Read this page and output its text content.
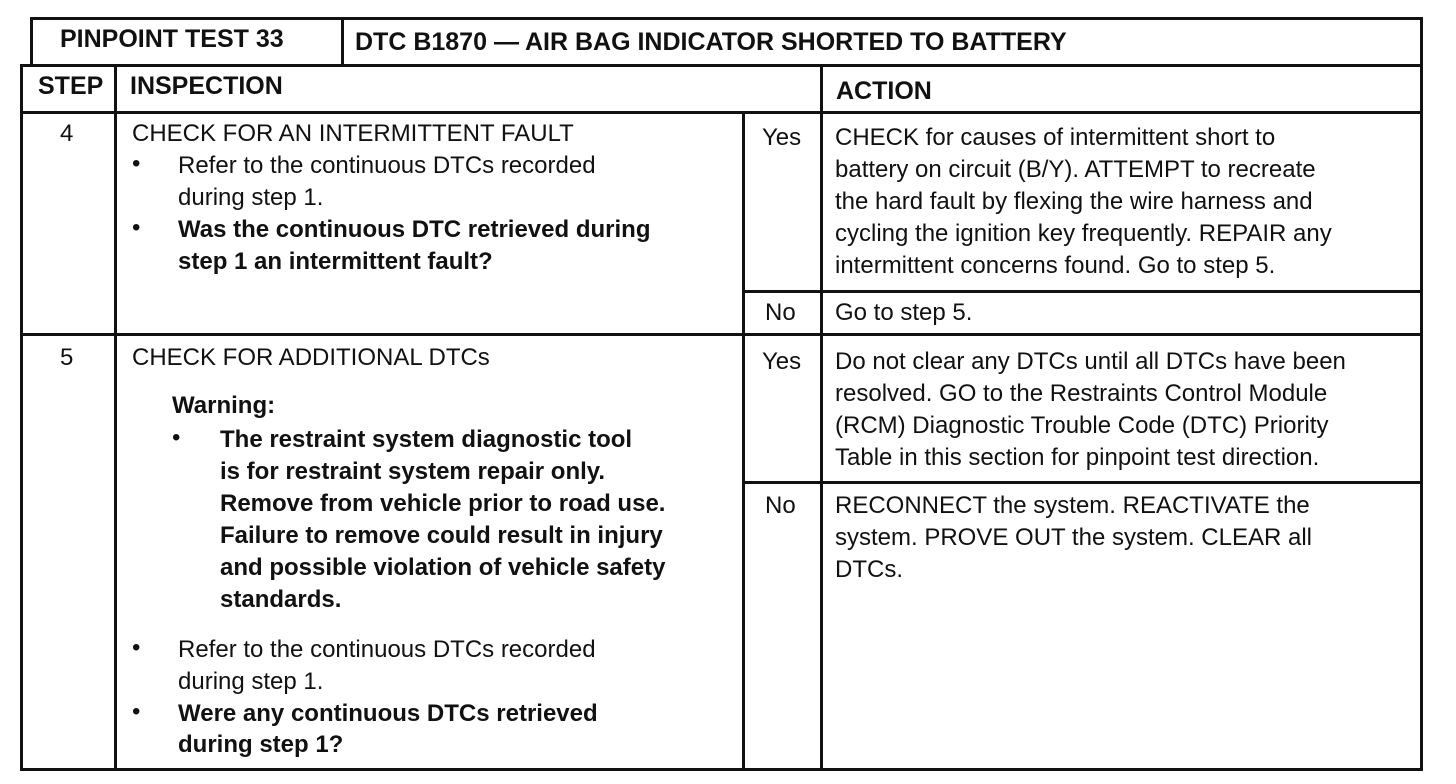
PINPOINT TEST 33	DTC B1870 — AIR BAG INDICATOR SHORTED TO BATTERY
STEP INSPECTION	ACTION
4 CHECK FOR AN INTERMITTENT FAULT
• Refer to the continuous DTCs recorded
during step 1.
• Was the continuous DTC retrieved during
step 1 an intermittent fault?
Yes CHECK for causes of intermittent short to
battery on circuit (B/Y). ATTEMPT to recreate
the hard fault by flexing the wire harness and
cycling the ignition key frequently. REPAIR any
intermittent concerns found. Go to step 5.
No Go to step 5.
5 CHECK FOR ADDITIONAL DTCs
Warning:
• The restraint system diagnostic tool
is for restraint system repair only.
Remove from vehicle prior to road use.
Failure to remove could result in injury
and possible violation of vehicle safety
standards.
• Refer to the continuous DTCs recorded
during step 1.
• Were any continuous DTCs retrieved
during step 1?
Yes Do not clear any DTCs until all DTCs have been
resolved. GO to the Restraints Control Module
(RCM) Diagnostic Trouble Code (DTC) Priority
Table in this section for pinpoint test direction.
No RECONNECT the system. REACTIVATE the
system. PROVE OUT the system. CLEAR all
DTCs.
